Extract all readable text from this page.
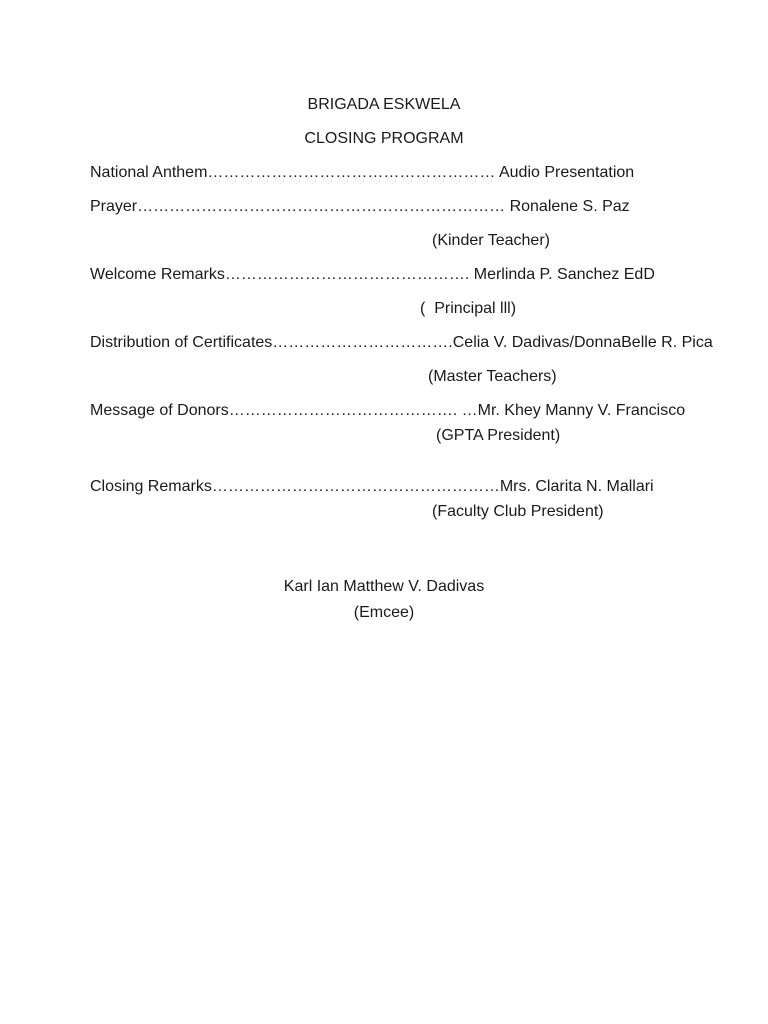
BRIGADA ESKWELA
CLOSING PROGRAM
National Anthem……………………………………………… Audio Presentation
Prayer…………………………………………………………… Ronalene S. Paz
(Kinder Teacher)
Welcome Remarks………………………………………. Merlinda P. Sanchez EdD
(  Principal lll)
Distribution of Certificates…………………………….Celia V. Dadivas/DonnaBelle R. Pica
(Master Teachers)
Message of Donors……………………………………. …Mr. Khey Manny V. Francisco
(GPTA President)
Closing Remarks………………………………………………Mrs. Clarita N. Mallari
(Faculty Club President)
Karl Ian Matthew V. Dadivas
(Emcee)
